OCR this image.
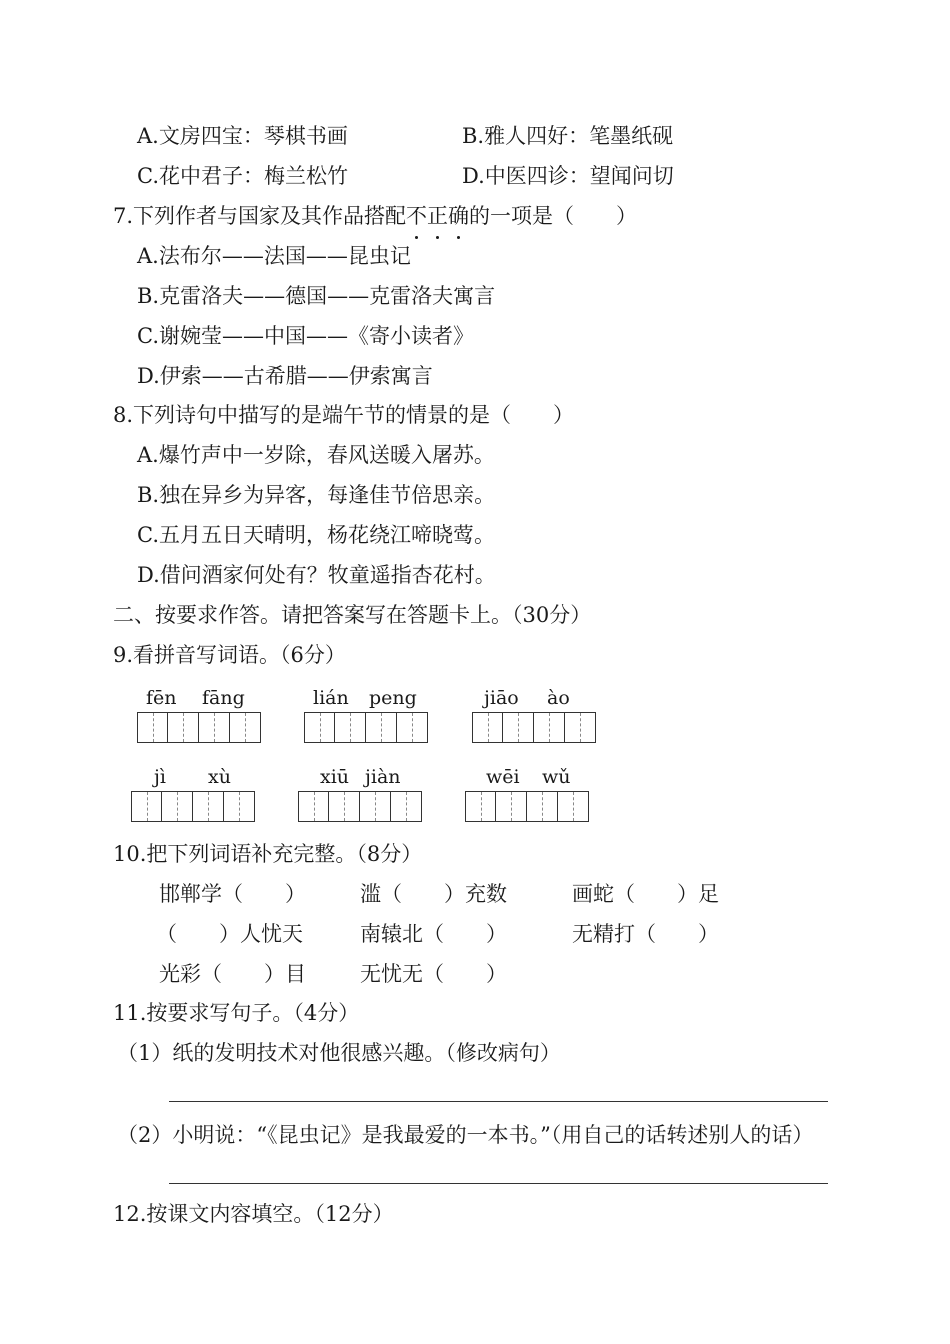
A.文房四宝：琴棋书画	B.雅人四好：笔墨纸砚
C.花中君子：梅兰松竹	D.中医四诊：望闻问切
7.下列作者与国家及其作品搭配不正确的一项是（　　）
A.法布尔——法国——昆虫记
B.克雷洛夫——德国——克雷洛夫寓言
C.谢婉莹——中国——《寄小读者》
D.伊索——古希腊——伊索寓言
8.下列诗句中描写的是端午节的情景的是（　　）
A.爆竹声中一岁除，春风送暖入屠苏。
B.独在异乡为异客，每逢佳节倍思亲。
C.五月五日天晴明，杨花绕江啼晓莺。
D.借问酒家何处有？牧童遥指杏花村。
二、按要求作答。请把答案写在答题卡上。（30分）
9.看拼音写词语。（6分）
fēn fāng	lián peng	jiāo ào
jì xù	xiū jiàn	wēi wǔ
10.把下列词语补充完整。（8分）
邯郸学（　　）	滥（　　）充数	画蛇（　　）足
（　　）人忧天	南辕北（　　）	无精打（　　）
光彩（　　）目	无忧无（　　）
11.按要求写句子。（4分）
（1）纸的发明技术对他很感兴趣。（修改病句）
（2）小明说：“《昆虫记》是我最爱的一本书。”（用自己的话转述别人的话）
12.按课文内容填空。（12分）
